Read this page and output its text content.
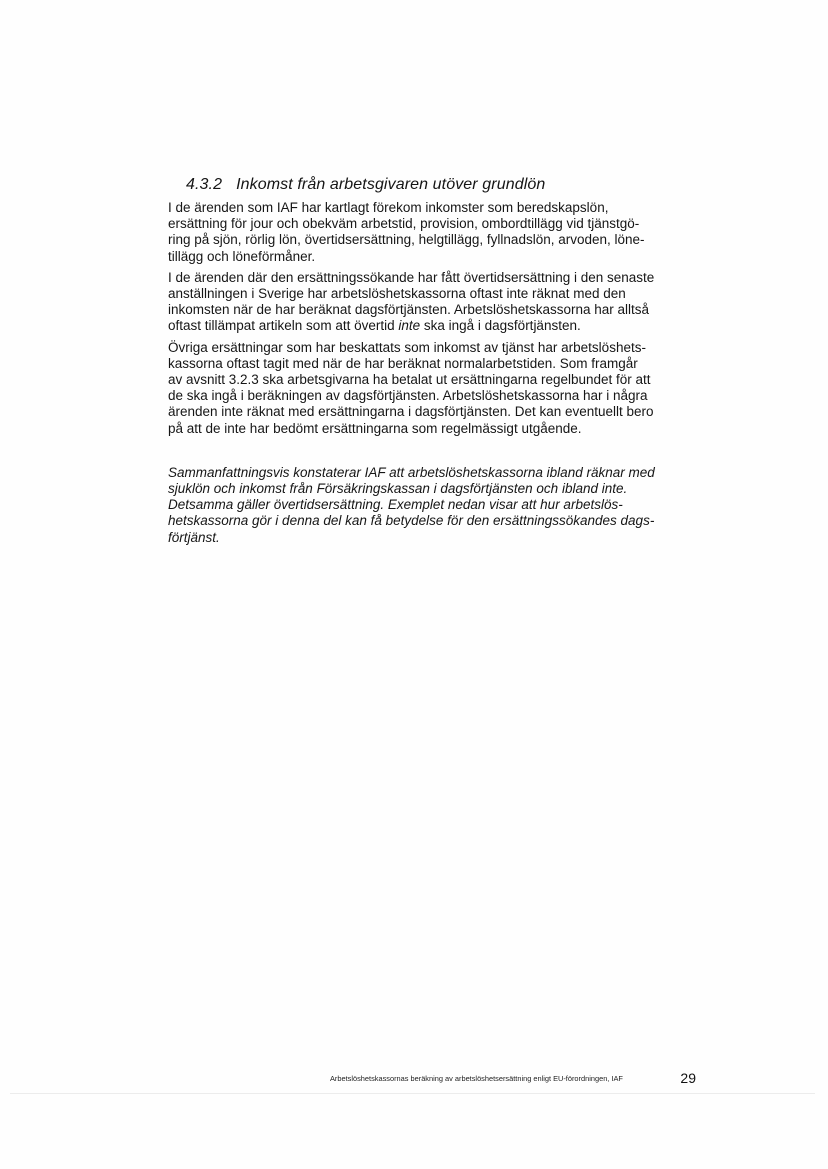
4.3.2 Inkomst från arbetsgivaren utöver grundlön

I de ärenden som IAF har kartlagt förekom inkomster som beredskapslön,
ersättning för jour och obekväm arbetstid, provision, ombordtillägg vid tjänstgö-
ring på sjön, rörlig lön, övertidsersättning, helgtillägg, fyllnadslön, arvoden, löne-
tillägg och löneförmåner.

I de ärenden där den ersättningssökande har fått övertidsersättning i den senaste
anställningen i Sverige har arbetslöshetskassorna oftast inte räknat med den
inkomsten när de har beräknat dagsförtjänsten. Arbetslöshetskassorna har alltså
oftast tillämpat artikeln som att övertid inte ska ingå i dagsförtjänsten.

Övriga ersättningar som har beskattats som inkomst av tjänst har arbetslöshets-
kassorna oftast tagit med när de har beräknat normalarbetstiden. Som framgår
av avsnitt 3.2.3 ska arbetsgivarna ha betalat ut ersättningarna regelbundet för att
de ska ingå i beräkningen av dagsförtjänsten. Arbetslöshetskassorna har i några
ärenden inte räknat med ersättningarna i dagsförtjänsten. Det kan eventuellt bero
på att de inte har bedömt ersättningarna som regelmässigt utgående.

Sammanfattningsvis konstaterar IAF att arbetslöshetskassorna ibland räknar med
sjuklön och inkomst från Försäkringskassan i dagsförtjänsten och ibland inte.
Detsamma gäller övertidsersättning. Exemplet nedan visar att hur arbetslös-
hetskassorna gör i denna del kan få betydelse för den ersättningssökandes dags-
förtjänst.

Arbetslöshetskassornas beräkning av arbetslöshetsersättning enligt EU-förordningen, IAF	29
